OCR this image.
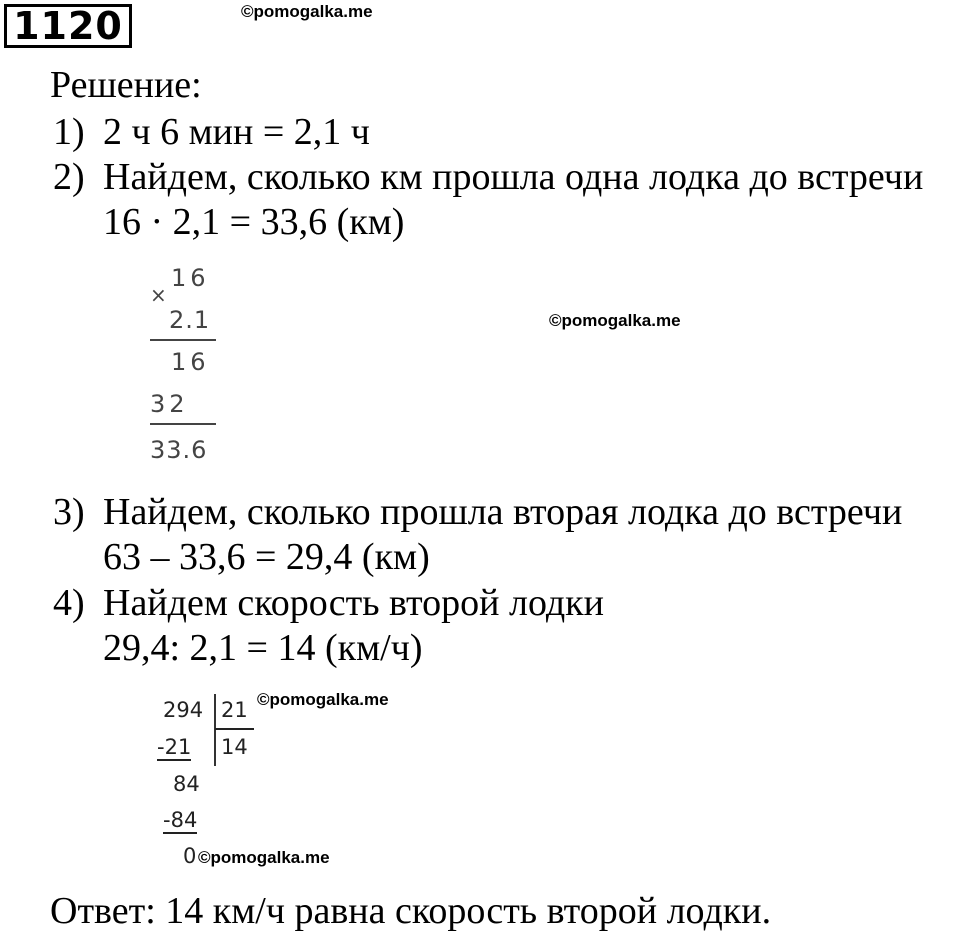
1120	©pomogalka.me
Решение:
1) 2 ч 6 мин = 2,1 ч
2) Найдем, сколько км прошла одна лодка до встречи
16 · 2,1 = 33,6 (км)
×
16
2.1
16
32
33.6
©pomogalka.me
3) Найдем, сколько прошла вторая лодка до встречи
63 – 33,6 = 29,4 (км)
4) Найдем скорость второй лодки
29,4: 2,1 = 14 (км/ч)
294 21
14
-21
84
-84
0
©pomogalka.me
©pomogalka.me
Ответ: 14 км/ч равна скорость второй лодки.
